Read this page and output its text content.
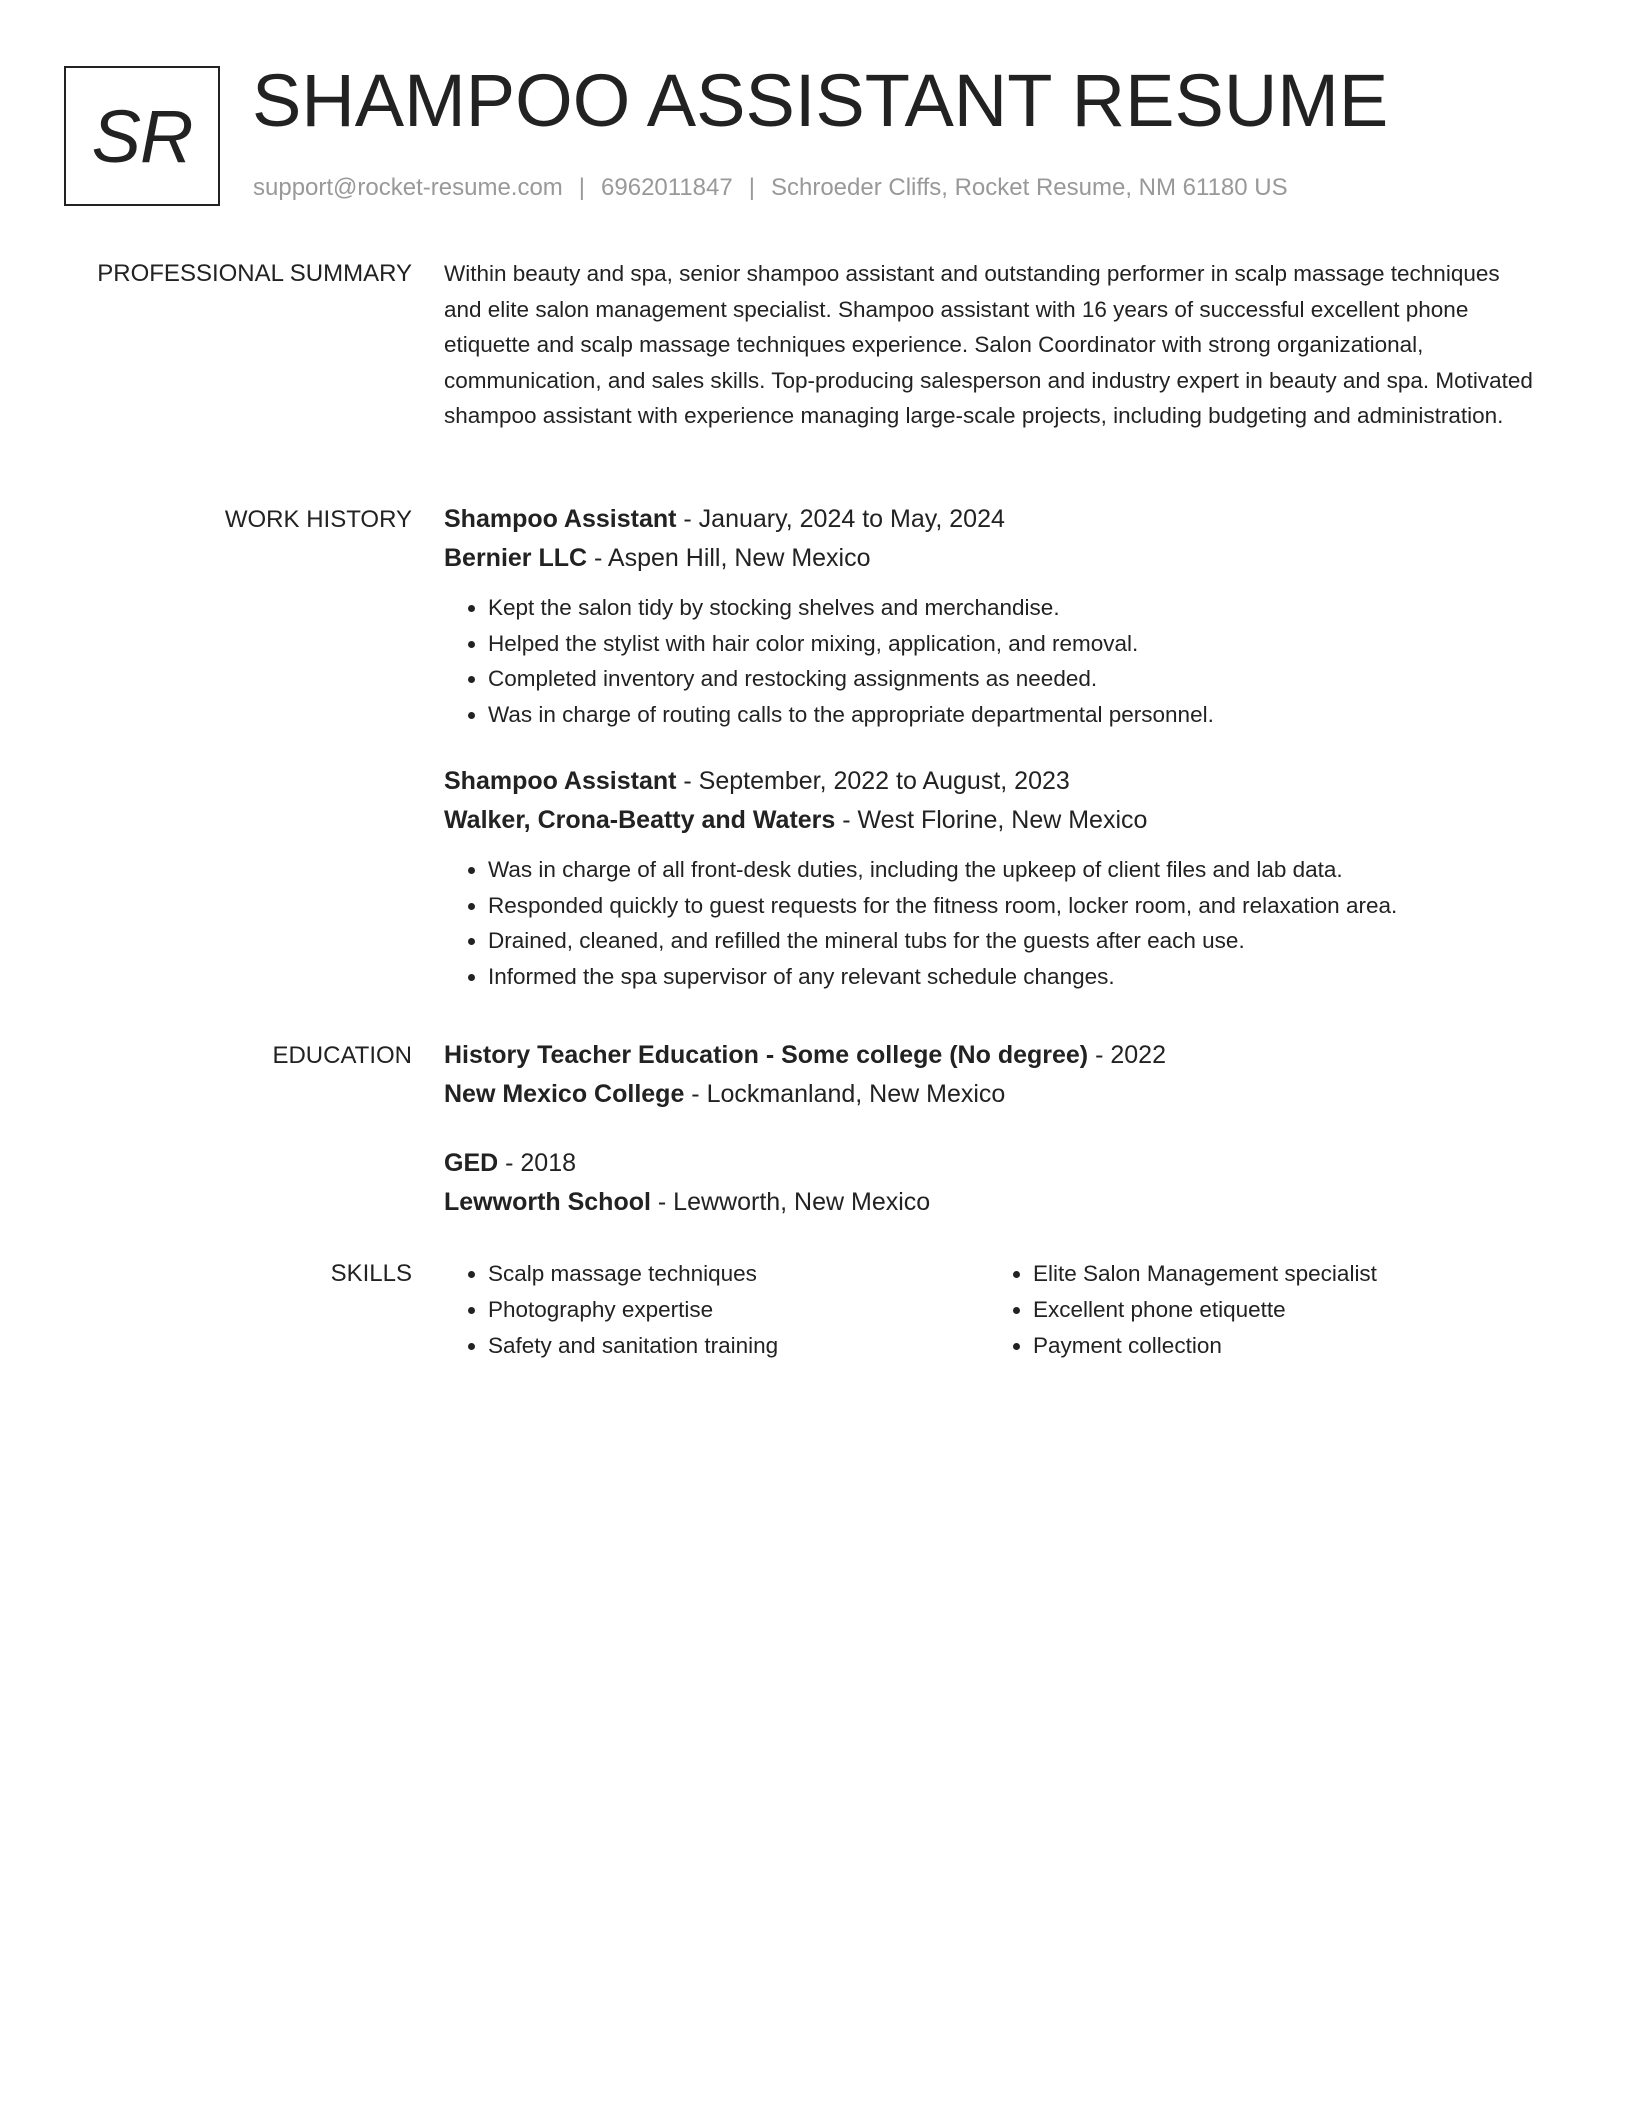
SR SHAMPOO ASSISTANT RESUME
support@rocket-resume.com | 6962011847 | Schroeder Cliffs, Rocket Resume, NM 61180 US
PROFESSIONAL SUMMARY Within beauty and spa, senior shampoo assistant and outstanding performer in scalp massage techniques and elite salon management specialist. Shampoo assistant with 16 years of successful excellent phone etiquette and scalp massage techniques experience. Salon Coordinator with strong organizational, communication, and sales skills. Top-producing salesperson and industry expert in beauty and spa. Motivated shampoo assistant with experience managing large-scale projects, including budgeting and administration.

WORK HISTORY Shampoo Assistant - January, 2024 to May, 2024
Bernier LLC - Aspen Hill, New Mexico
• Kept the salon tidy by stocking shelves and merchandise.
• Helped the stylist with hair color mixing, application, and removal.
• Completed inventory and restocking assignments as needed.
• Was in charge of routing calls to the appropriate departmental personnel.
Shampoo Assistant - September, 2022 to August, 2023
Walker, Crona-Beatty and Waters - West Florine, New Mexico
• Was in charge of all front-desk duties, including the upkeep of client files and lab data.
• Responded quickly to guest requests for the fitness room, locker room, and relaxation area.
• Drained, cleaned, and refilled the mineral tubs for the guests after each use.
• Informed the spa supervisor of any relevant schedule changes.
EDUCATION History Teacher Education - Some college (No degree) - 2022
New Mexico College - Lockmanland, New Mexico
GED - 2018
Lewworth School - Lewworth, New Mexico
SKILLS
•	Scalp massage techniques
• Photography expertise
• Safety and sanitation training
• Elite Salon Management specialist
• Excellent phone etiquette
• Payment collection
